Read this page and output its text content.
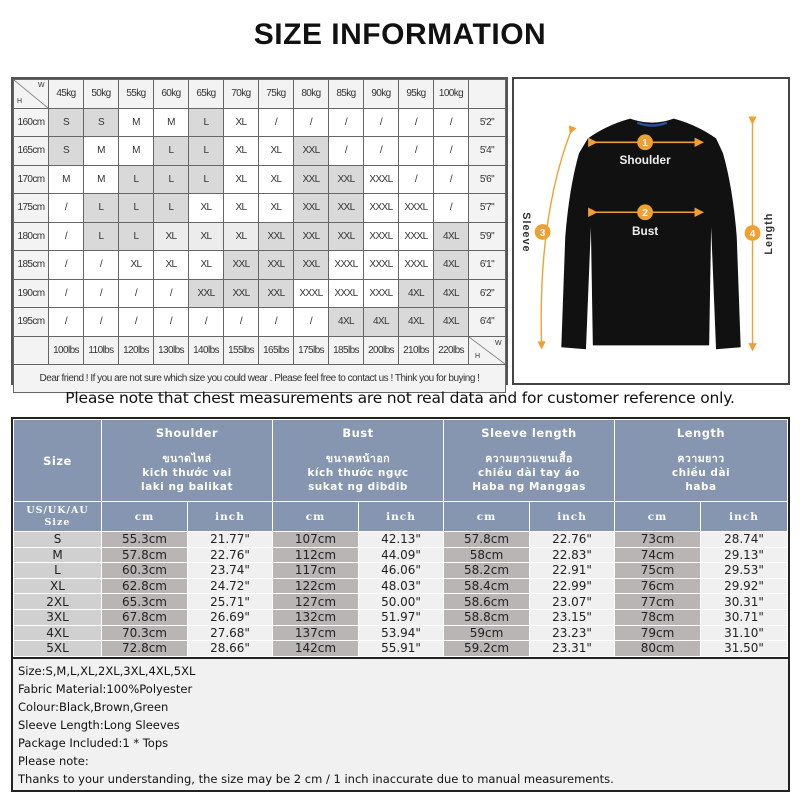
SIZE INFORMATION
H
W	45kg	50kg	55kg	60kg	65kg	70kg	75kg	80kg	85kg	90kg	95kg	100kg	
160cm	S	S	M	M	L	XL	/	/	/	/	/	/	5'2"
165cm	S	M	M	L	L	XL	XL	XXL	/	/	/	/	5'4"
170cm	M	M	L	L	L	XL	XL	XXL	XXL	XXXL	/	/	5'6"
175cm	/	L	L	L	XL	XL	XL	XXL	XXL	XXXL	XXXL	/	5'7"
180cm	/	L	L	XL	XL	XL	XXL	XXL	XXL	XXXL	XXXL	4XL	5'9"
185cm	/	/	XL	XL	XL	XXL	XXL	XXL	XXXL	XXXL	XXXL	4XL	6'1"
190cm	/	/	/	/	XXL	XXL	XXL	XXXL	XXXL	XXXL	4XL	4XL	6'2"
195cm	/	/	/	/	/	/	/	/	4XL	4XL	4XL	4XL	6'4"
	100lbs	110lbs	120lbs	130lbs	140lbs	155lbs	165lbs	175lbs	185lbs	200lbs	210lbs	220lbs	H
W

Dear friend ! If you are not sure which size you could wear . Please feel free to contact us ! Think you for buying !													
1
Shoulder
2
Bust
3
Sleeve	4 Length
Please note that chest measurements are not real data and for customer reference only.
Size	Shoulder
ขนาดไหล่
kich thước vai
laki ng balikat		Bust
ขนาดหน้าอก
kích thước ngực
sukat ng dibdib		Sleeve length
ความยาวแขนเสื้อ
chiều dài tay áo
Haba ng Manggas		Length
ความยาว
chiều dài
haba	

US/UK/AU
Size	cm	inch	cm	inch	cm	inch	cm	inch
S	55.3cm	21.77"	107cm	42.13"	57.8cm	22.76"	73cm	28.74"
M	57.8cm	22.76"	112cm	44.09"	58cm	22.83"	74cm	29.13"
L	60.3cm	23.74"	117cm	46.06"	58.2cm	22.91"	75cm	29.53"
XL	62.8cm	24.72"	122cm	48.03"	58.4cm	22.99"	76cm	29.92"
2XL	65.3cm	25.71"	127cm	50.00"	58.6cm	23.07"	77cm	30.31"
3XL	67.8cm	26.69"	132cm	51.97"	58.8cm	23.15"	78cm	30.71"
4XL	70.3cm	27.68"	137cm	53.94"	59cm	23.23"	79cm	31.10"
5XL	72.8cm	28.66"	142cm	55.91"	59.2cm	23.31"	80cm	31.50"
Size:S,M,L,XL,2XL,3XL,4XL,5XL
Fabric Material:100%Polyester
Colour:Black,Brown,Green
Sleeve Length:Long Sleeves
Package Included:1 * Tops
Please note:
Thanks to your understanding, the size may be 2 cm / 1 inch inaccurate due to manual measurements.
